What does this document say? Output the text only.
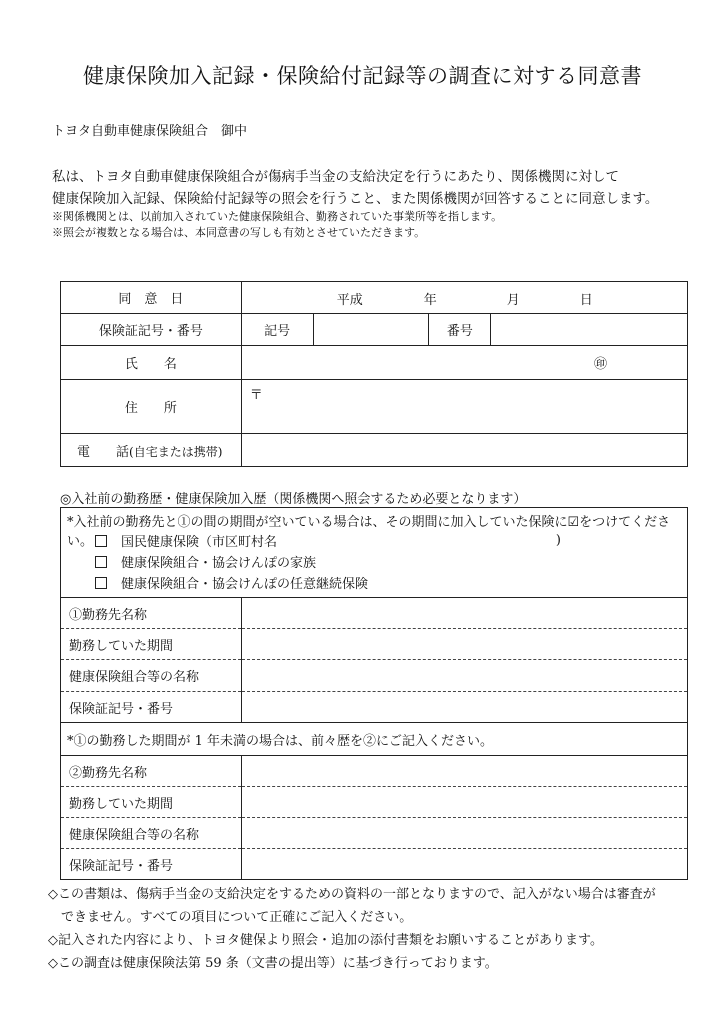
健康保険加入記録・保険給付記録等の調査に対する同意書
トヨタ自動車健康保険組合　御中
私は、トヨタ自動車健康保険組合が傷病手当金の支給決定を行うにあたり、関係機関に対して
健康保険加入記録、保険給付記録等の照会を行うこと、また関係機関が回答することに同意します。
※関係機関とは、以前加入されていた健康保険組合、勤務されていた事業所等を指します。
※照会が複数となる場合は、本同意書の写しも有効とさせていただきます。
同　意　日	平成 年 月 日			

保険証記号・番号	記号		番号	
氏　　名	㊞			
住　　所	〒			
電　　話(自宅または携帯)				
◎入社前の勤務歴・健康保険加入歴（関係機関へ照会するため必要となります）
*入社前の勤務先と①の間の期間が空いている場合は、その期間に加入していた保険に☑をつけてください。 国民健康保険（市区町村名 )
健康保険組合・協会けんぽの家族
健康保険組合・協会けんぽの任意継続保険	

①勤務先名称	
勤務していた期間	
健康保険組合等の名称	
保険証記号・番号	
*①の勤務した期間が 1 年未満の場合は、前々歴を②にご記入ください。	
②勤務先名称	
勤務していた期間	
健康保険組合等の名称	
保険証記号・番号	
◇この書類は、傷病手当金の支給決定をするための資料の一部となりますので、記入がない場合は審査が
　できません。すべての項目について正確にご記入ください。
◇記入された内容により、トヨタ健保より照会・追加の添付書類をお願いすることがあります。
◇この調査は健康保険法第 59 条（文書の提出等）に基づき行っております。
